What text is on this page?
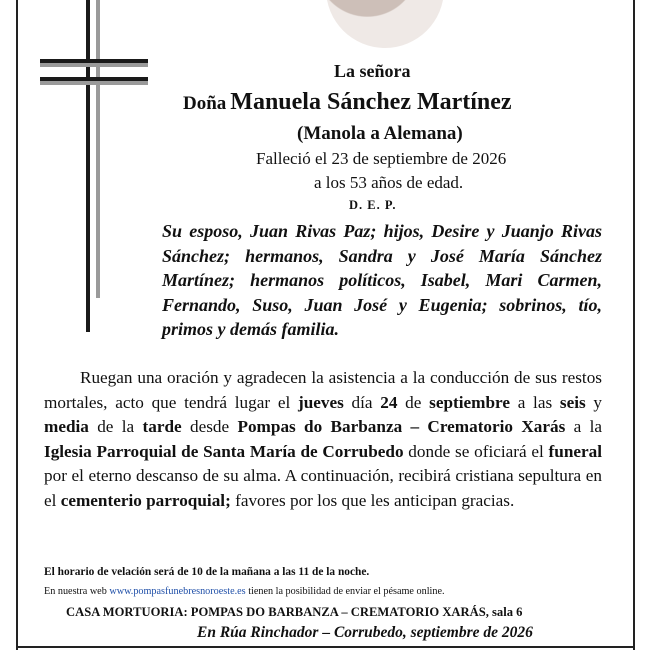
La señora
Doña Manuela Sánchez Martínez
(Manola a Alemana)
Falleció el 23 de septiembre de 2026
a los 53 años de edad.
D. E. P.
Su esposo, Juan Rivas Paz; hijos, Desire y Juanjo Rivas Sánchez; hermanos, Sandra y José María Sánchez Martínez; hermanos políticos, Isabel, Mari Carmen, Fernando, Suso, Juan José y Eugenia; sobrinos, tío, primos y demás familia.
Ruegan una oración y agradecen la asistencia a la conducción de sus restos mortales, acto que tendrá lugar el jueves día 24 de septiembre a las seis y media de la tarde desde Pompas do Barbanza – Crematorio Xarás a la Iglesia Parroquial de Santa María de Corrubedo donde se oficiará el funeral por el eterno descanso de su alma. A continuación, recibirá cristiana sepultura en el cementerio parroquial; favores por los que les anticipan gracias.
El horario de velación será de 10 de la mañana a las 11 de la noche.
En nuestra web www.pompasfunebresnoroeste.es tienen la posibilidad de enviar el pésame online.
CASA MORTUORIA: POMPAS DO BARBANZA – CREMATORIO XARÁS, sala 6
En Rúa Rinchador – Corrubedo, septiembre de 2026
